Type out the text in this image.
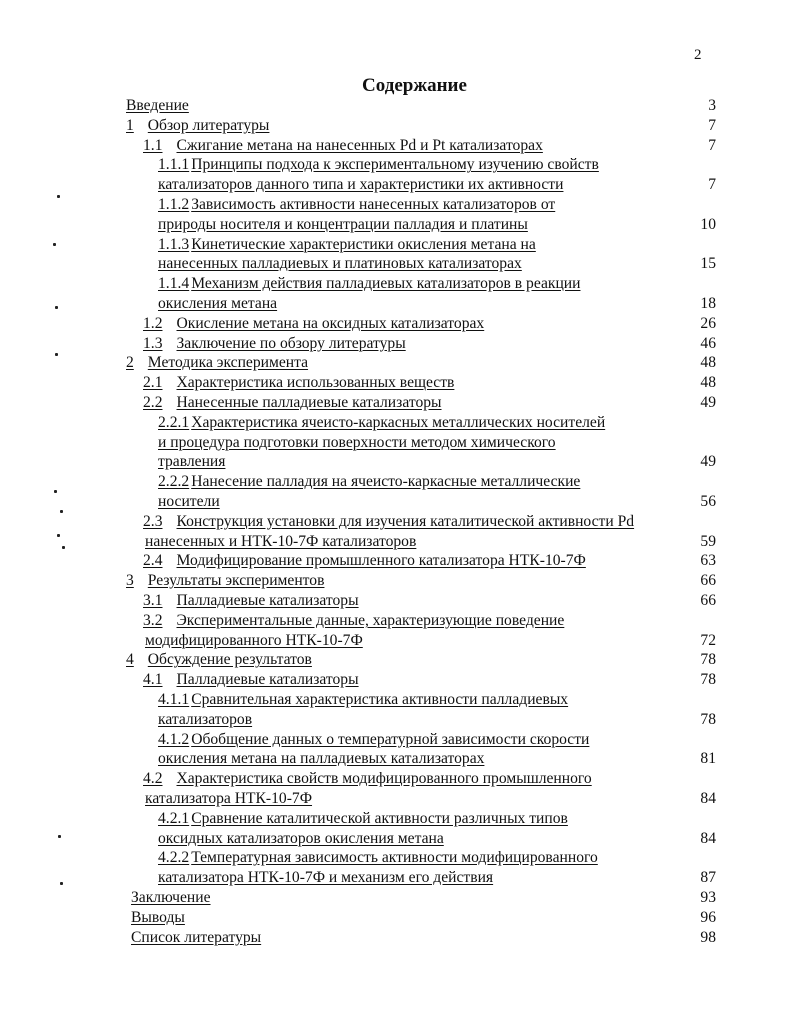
2
Содержание
Введение	3
1 Обзор литературы	7
1.1 Сжигание метана на нанесенных Pd и Pt катализаторах	7
1.1.1 Принципы подхода к экспериментальному изучению свойств
катализаторов данного типа и характеристики их активности	7
1.1.2 Зависимость активности нанесенных катализаторов от
природы носителя и концентрации палладия и платины	10
1.1.3 Кинетические характеристики окисления метана на
нанесенных палладиевых и платиновых катализаторах	15
1.1.4 Механизм действия палладиевых катализаторов в реакции
окисления метана	18
1.2 Окисление метана на оксидных катализаторах	26
1.3 Заключение по обзору литературы	46
2 Методика эксперимента	48
2.1 Характеристика использованных веществ	48
2.2 Нанесенные палладиевые катализаторы	49
2.2.1 Характеристика ячеисто-каркасных металлических носителей
и процедура подготовки поверхности методом химического
травления	49
2.2.2 Нанесение палладия на ячеисто-каркасные металлические
носители	56
2.3 Конструкция установки для изучения каталитической активности Pd
нанесенных и НТК-10-7Ф катализаторов	59
2.4 Модифицирование промышленного катализатора НТК-10-7Ф	63
3 Результаты экспериментов	66
3.1 Палладиевые катализаторы	66
3.2 Экспериментальные данные, характеризующие поведение
модифицированного НТК-10-7Ф	72
4 Обсуждение результатов	78
4.1 Палладиевые катализаторы	78
4.1.1 Сравнительная характеристика активности палладиевых
катализаторов	78
4.1.2 Обобщение данных о температурной зависимости скорости
окисления метана на палладиевых катализаторах	81
4.2 Характеристика свойств модифицированного промышленного
катализатора НТК-10-7Ф	84
4.2.1 Сравнение каталитической активности различных типов
оксидных катализаторов окисления метана	84
4.2.2 Температурная зависимость активности модифицированного
катализатора НТК-10-7Ф и механизм его действия	87
Заключение	93
Выводы	96
Список литературы	98
